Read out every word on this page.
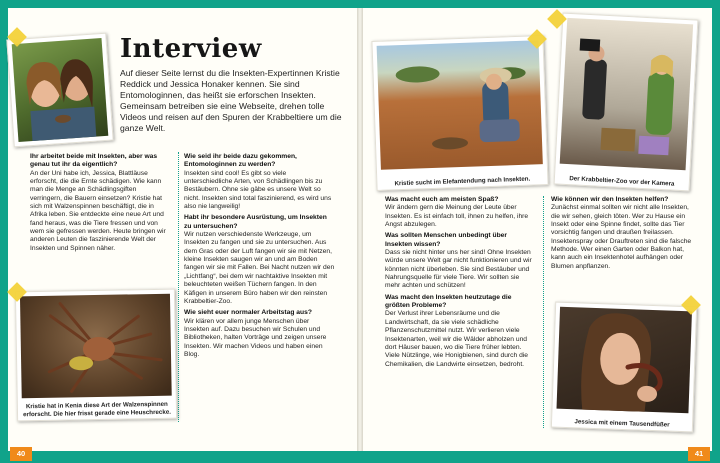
40	41
Interview
Auf dieser Seite lernst du die Insekten-Expertinnen Kristie Reddick und Jessica Honaker kennen. Sie sind Entomologinnen, das heißt sie erforschen Insekten. Gemeinsam betreiben sie eine Webseite, drehen tolle Videos und reisen auf den Spuren der Krabbeltiere um die ganze Welt.
Ihr arbeitet beide mit Insekten, aber was genau tut ihr da eigentlich?
An der Uni habe ich, Jessica, Blattläuse erforscht, die die Ernte schädigen. Wie kann man die Menge an Schädlingsgiften verringern, die Bauern einsetzen? Kristie hat sich mit Walzenspinnen beschäftigt, die in Afrika leben. Sie entdeckte eine neue Art und fand heraus, was die Tiere fressen und von wem sie gefressen werden. Heute bringen wir anderen Leuten die faszinierende Welt der Insekten und Spinnen näher.
Kristie hat in Kenia diese Art der Walzenspinnen erforscht. Die hier frisst gerade eine Heuschrecke.
Wie seid ihr beide dazu gekommen, Entomologinnen zu werden?
Insekten sind cool! Es gibt so viele unterschiedliche Arten, von Schädlingen bis zu Bestäubern. Ohne sie gäbe es unsere Welt so nicht. Insekten sind total faszinierend, es wird uns also nie langweilig!
Habt ihr besondere Ausrüstung, um Insekten zu untersuchen?
Wir nutzen verschiedenste Werkzeuge, um Insekten zu fangen und sie zu untersuchen. Aus dem Gras oder der Luft fangen wir sie mit Netzen, kleine Insekten saugen wir an und am Boden fangen wir sie mit Fallen. Bei Nacht nutzen wir den „Lichtfang“, bei dem wir nachtaktive Insekten mit beleuchteten weißen Tüchern fangen. In den Käfigen in unserem Büro haben wir den reinsten Krabbeltier-Zoo.
Wie sieht euer normaler Arbeitstag aus?
Wir klären vor allem junge Menschen über Insekten auf. Dazu besuchen wir Schulen und Bibliotheken, halten Vorträge und zeigen unsere Insekten. Wir machen Videos und haben einen Blog.
Kristie sucht im Elefantendung nach Insekten.	Der Krabbeltier-Zoo vor der Kamera
Was macht euch am meisten Spaß?
Wir ändern gern die Meinung der Leute über Insekten. Es ist einfach toll, ihnen zu helfen, ihre Angst abzulegen.
Was sollten Menschen unbedingt über Insekten wissen?
Dass sie nicht hinter uns her sind! Ohne Insekten würde unsere Welt gar nicht funktionieren und wir könnten nicht überleben. Sie sind Bestäuber und Nahrungsquelle für viele Tiere. Wir sollten sie mehr achten und schützen!
Was macht den Insekten heutzutage die größten Probleme?
Der Verlust ihrer Lebensräume und die Landwirtschaft, da sie viele schädliche Pflanzenschutzmittel nutzt. Wir verlieren viele Insektenarten, weil wir die Wälder abholzen und dort Häuser bauen, wo die Tiere früher lebten. Viele Nützlinge, wie Honigbienen, sind durch die Chemikalien, die Landwirte einsetzen, bedroht.
Wie können wir den Insekten helfen?
Zunächst einmal sollten wir nicht alle Insekten, die wir sehen, gleich töten. Wer zu Hause ein Insekt oder eine Spinne findet, sollte das Tier vorsichtig fangen und draußen freilassen. Insektenspray oder Drauftreten sind die falsche Methode. Wer einen Garten oder Balkon hat, kann auch ein Insektenhotel aufhängen oder Blumen anpflanzen.
Jessica mit einem Tausendfüßer
